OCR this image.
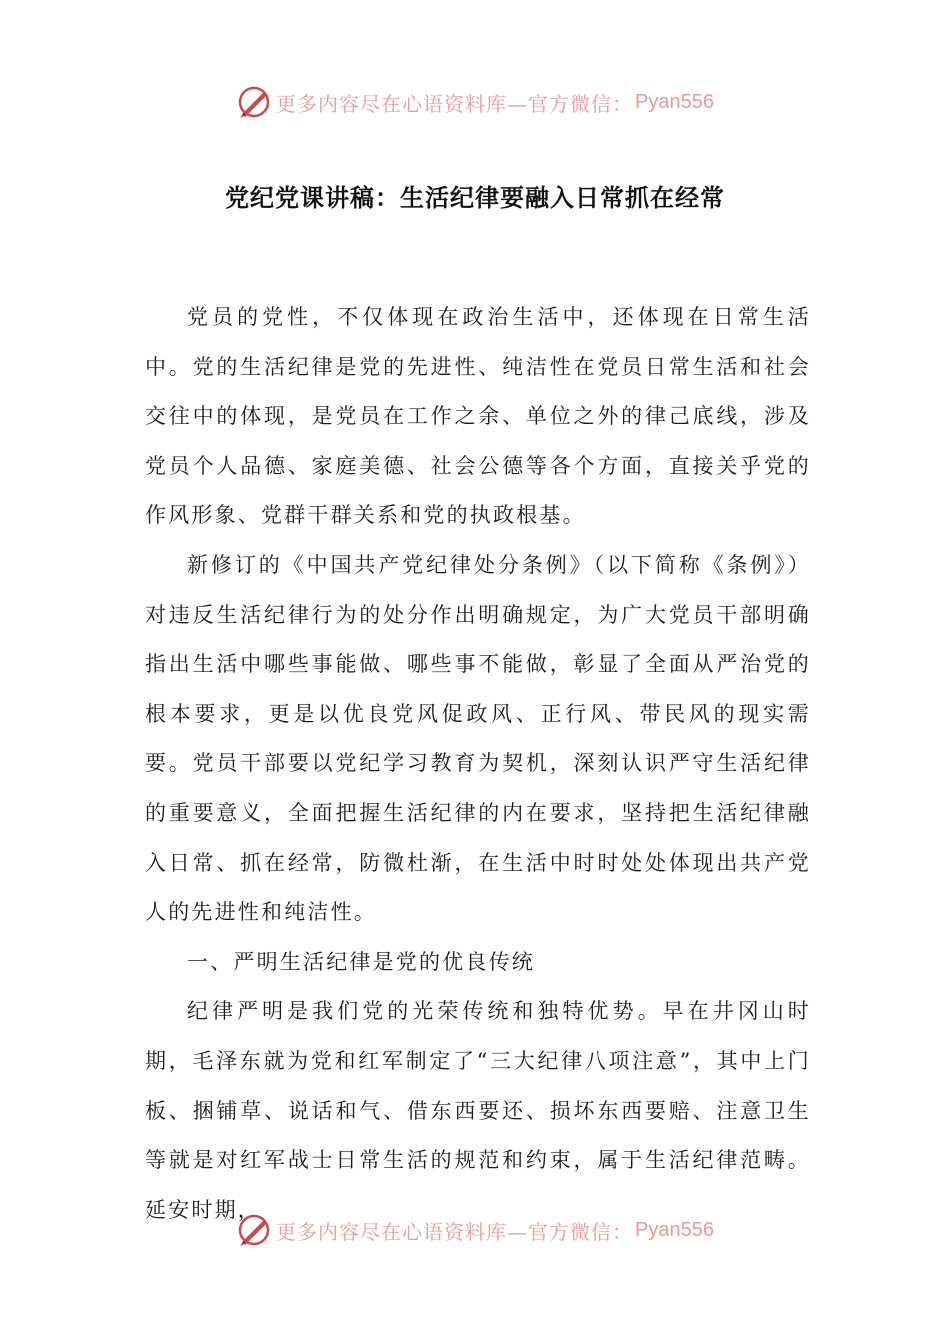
更多内容尽在心语资料库—官方微信： Pyan556
党纪党课讲稿：生活纪律要融入日常抓在经常

党员的党性，不仅体现在政治生活中，还体现在日常生活中。党的生活纪律是党的先进性、纯洁性在党员日常生活和社会交往中的体现，是党员在工作之余、单位之外的律己底线，涉及党员个人品德、家庭美德、社会公德等各个方面，直接关乎党的作风形象、党群干群关系和党的执政根基。

新修订的《中国共产党纪律处分条例》（以下简称《条例》）对违反生活纪律行为的处分作出明确规定，为广大党员干部明确指出生活中哪些事能做、哪些事不能做，彰显了全面从严治党的根本要求，更是以优良党风促政风、正行风、带民风的现实需要。党员干部要以党纪学习教育为契机，深刻认识严守生活纪律的重要意义，全面把握生活纪律的内在要求，坚持把生活纪律融入日常、抓在经常，防微杜渐，在生活中时时处处体现出共产党人的先进性和纯洁性。

一、严明生活纪律是党的优良传统

纪律严明是我们党的光荣传统和独特优势。早在井冈山时期，毛泽东就为党和红军制定了“三大纪律八项注意”，其中上门板、捆铺草、说话和气、借东西要还、损坏东西要赔、注意卫生等就是对红军战士日常生活的规范和约束，属于生活纪律范畴。延安时期，

更多内容尽在心语资料库—官方微信： Pyan556
